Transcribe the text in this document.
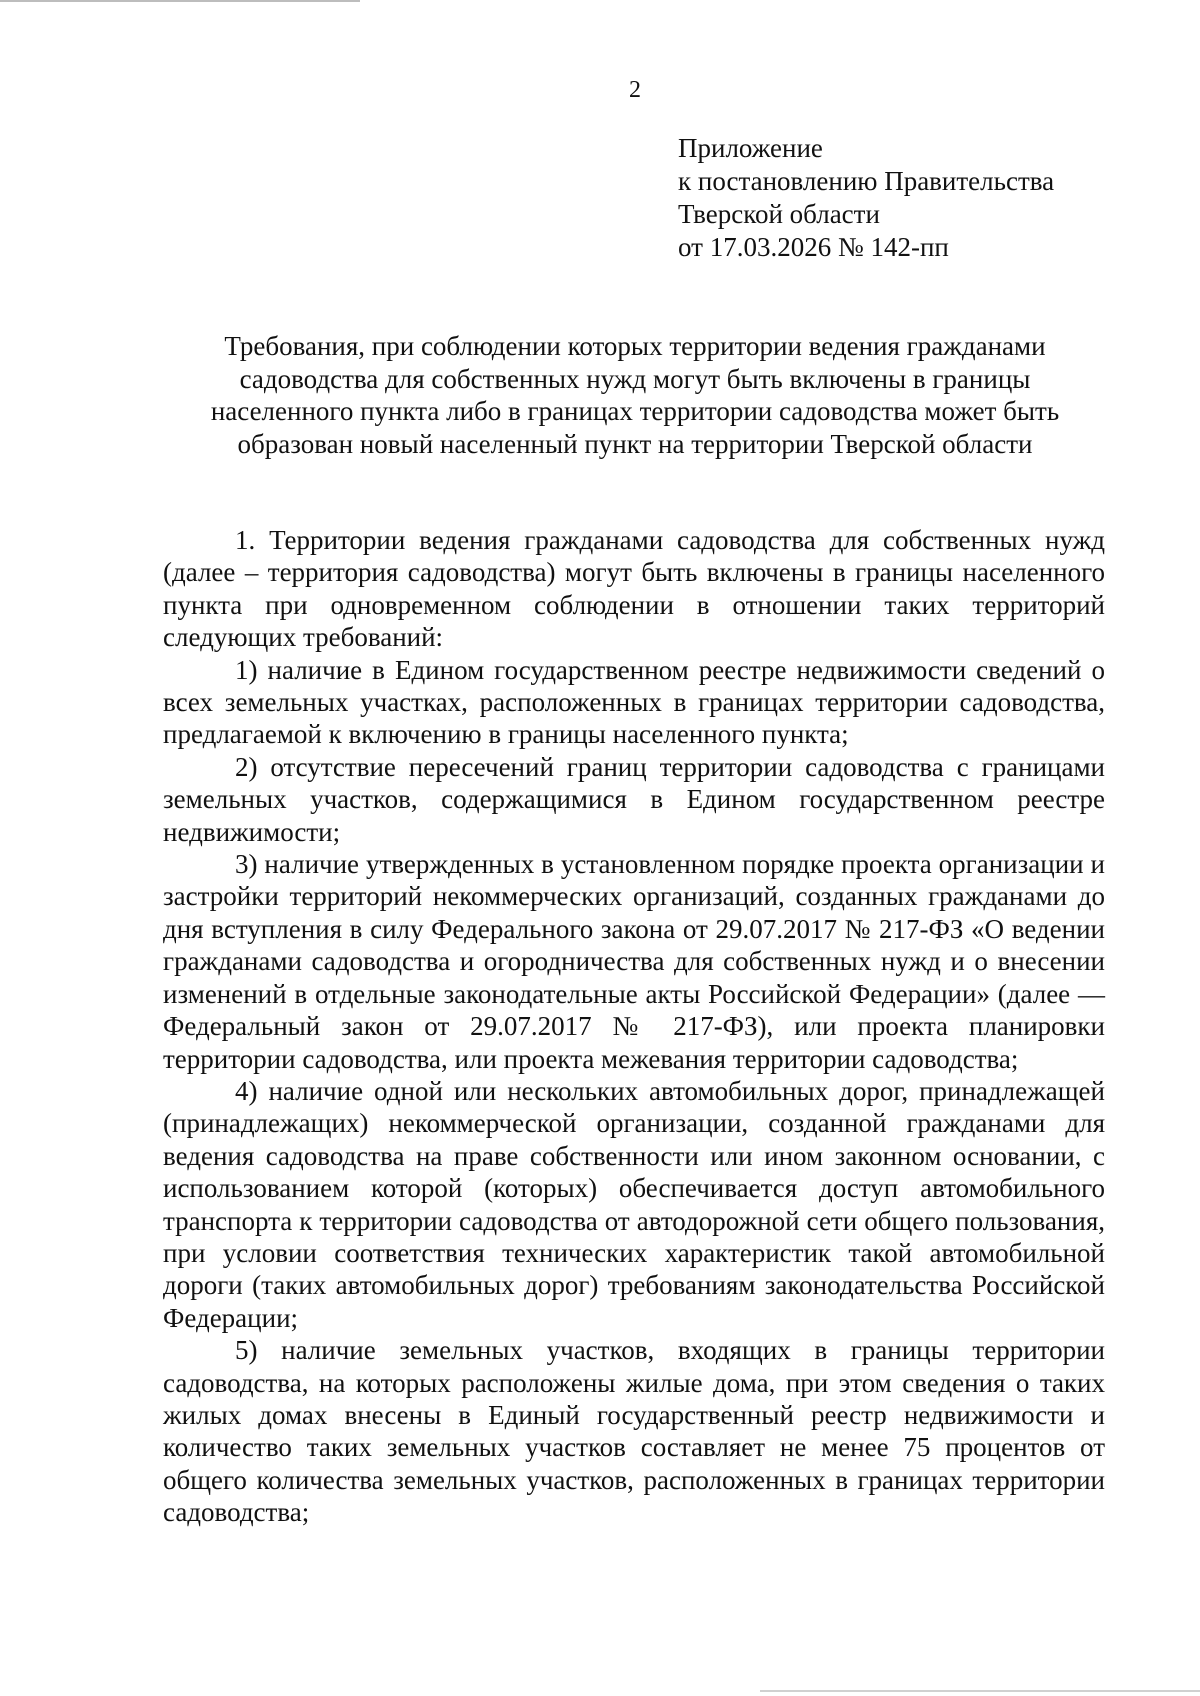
2
Приложение
к постановлению Правительства
Тверской области
от 17.03.2026 № 142-пп
Требования, при соблюдении которых территории ведения гражданами садоводства для собственных нужд могут быть включены в границы населенного пункта либо в границах территории садоводства может быть образован новый населенный пункт на территории Тверской области

1. Территории ведения гражданами садоводства для собственных нужд (далее – территория садоводства) могут быть включены в границы населенного пункта при одновременном соблюдении в отношении таких территорий следующих требований:

1) наличие в Едином государственном реестре недвижимости сведений о всех земельных участках, расположенных в границах территории садоводства, предлагаемой к включению в границы населенного пункта;

2) отсутствие пересечений границ территории садоводства с границами земельных участков, содержащимися в Едином государственном реестре недвижимости;

3) наличие утвержденных в установленном порядке проекта организации и застройки территорий некоммерческих организаций, созданных гражданами до дня вступления в силу Федерального закона от 29.07.2017 № 217-ФЗ «О ведении гражданами садоводства и огородничества для собственных нужд и о внесении изменений в отдельные законодательные акты Российской Федерации» (далее — Федеральный закон от 29.07.2017 № 217-ФЗ), или проекта планировки территории садоводства, или проекта межевания территории садоводства;

4) наличие одной или нескольких автомобильных дорог, принадлежащей (принадлежащих) некоммерческой организации, созданной гражданами для ведения садоводства на праве собственности или ином законном основании, с использованием которой (которых) обеспечивается доступ автомобильного транспорта к территории садоводства от автодорожной сети общего пользования, при условии соответствия технических характеристик такой автомобильной дороги (таких автомобильных дорог) требованиям законодательства Российской Федерации;

5) наличие земельных участков, входящих в границы территории садоводства, на которых расположены жилые дома, при этом сведения о таких жилых домах внесены в Единый государственный реестр недвижимости и количество таких земельных участков составляет не менее 75 процентов от общего количества земельных участков, расположенных в границах территории садоводства;
